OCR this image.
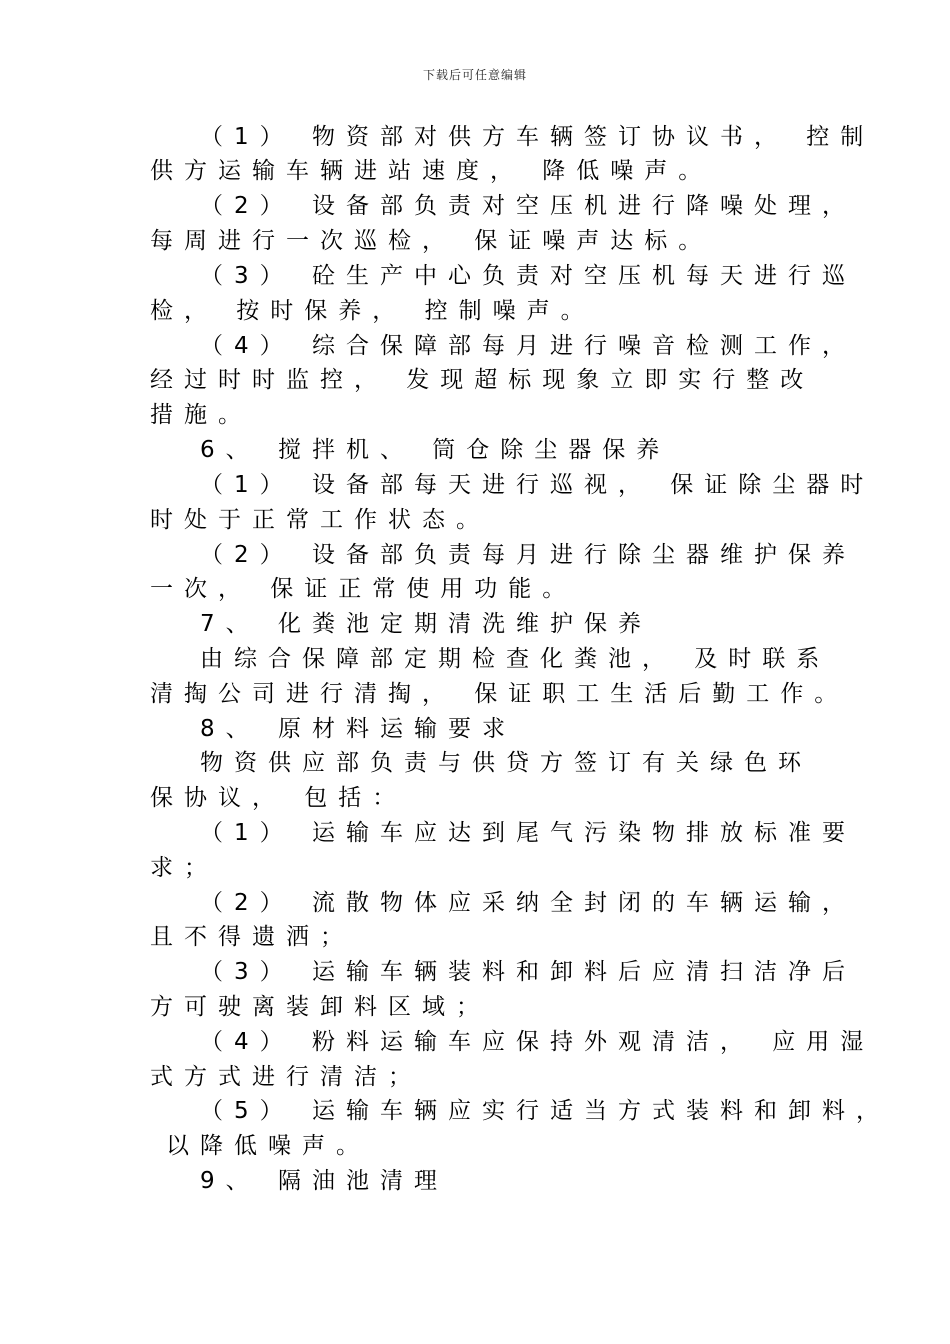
下载后可任意编辑
（1） 物资部对供方车辆签订协议书， 控制
供方运输车辆进站速度， 降低噪声。
（2） 设备部负责对空压机进行降噪处理，
每周进行一次巡检， 保证噪声达标。
（3） 砼生产中心负责对空压机每天进行巡
检， 按时保养， 控制噪声。
（4） 综合保障部每月进行噪音检测工作，
经过时时监控， 发现超标现象立即实行整改
措施。
6、 搅拌机、 筒仓除尘器保养
（1） 设备部每天进行巡视， 保证除尘器时
时处于正常工作状态。
（2） 设备部负责每月进行除尘器维护保养
一次， 保证正常使用功能。
7、 化粪池定期清洗维护保养
由综合保障部定期检查化粪池， 及时联系
清掏公司进行清掏， 保证职工生活后勤工作。
8、 原材料运输要求
物资供应部负责与供贷方签订有关绿色环
保协议， 包括：
（1） 运输车应达到尾气污染物排放标准要
求；
（2） 流散物体应采纳全封闭的车辆运输，
且不得遗洒；
（3） 运输车辆装料和卸料后应清扫洁净后
方可驶离装卸料区域；
（4） 粉料运输车应保持外观清洁， 应用湿
式方式进行清洁；
（5） 运输车辆应实行适当方式装料和卸料，
以降低噪声。
9、 隔油池清理
